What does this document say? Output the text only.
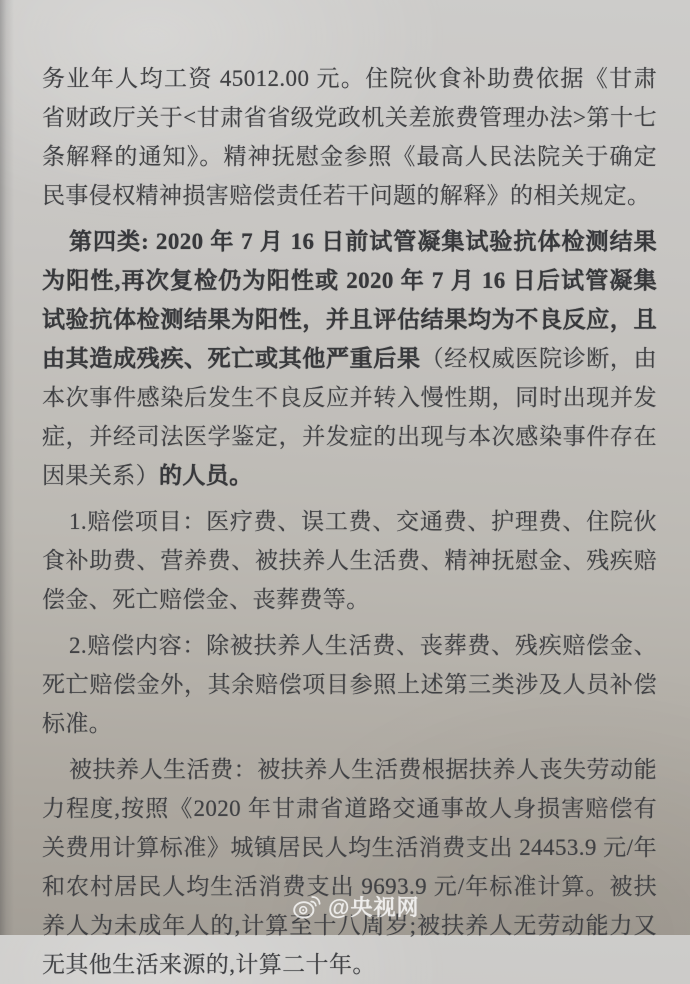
务业年人均工资 45012.00 元。住院伙食补助费依据《甘肃省财政厅关于<甘肃省省级党政机关差旅费管理办法>第十七条解释的通知》。精神抚慰金参照《最高人民法院关于确定民事侵权精神损害赔偿责任若干问题的解释》的相关规定。

第四类: 2020 年 7 月 16 日前试管凝集试验抗体检测结果为阳性,再次复检仍为阳性或 2020 年 7 月 16 日后试管凝集试验抗体检测结果为阳性，并且评估结果均为不良反应，且由其造成残疾、死亡或其他严重后果（经权威医院诊断，由本次事件感染后发生不良反应并转入慢性期，同时出现并发症，并经司法医学鉴定，并发症的出现与本次感染事件存在因果关系）的人员。

1.赔偿项目：医疗费、误工费、交通费、护理费、住院伙食补助费、营养费、被扶养人生活费、精神抚慰金、残疾赔偿金、死亡赔偿金、丧葬费等。

2.赔偿内容：除被扶养人生活费、丧葬费、残疾赔偿金、死亡赔偿金外，其余赔偿项目参照上述第三类涉及人员补偿标准。

被扶养人生活费：被扶养人生活费根据扶养人丧失劳动能力程度,按照《2020 年甘肃省道路交通事故人身损害赔偿有关费用计算标准》城镇居民人均生活消费支出 24453.9 元/年和农村居民人均生活消费支出 9693.9 元/年标准计算。被扶养人为未成年人的,计算至十八周岁;被扶养人无劳动能力又无其他生活来源的,计算二十年。

@央视网
